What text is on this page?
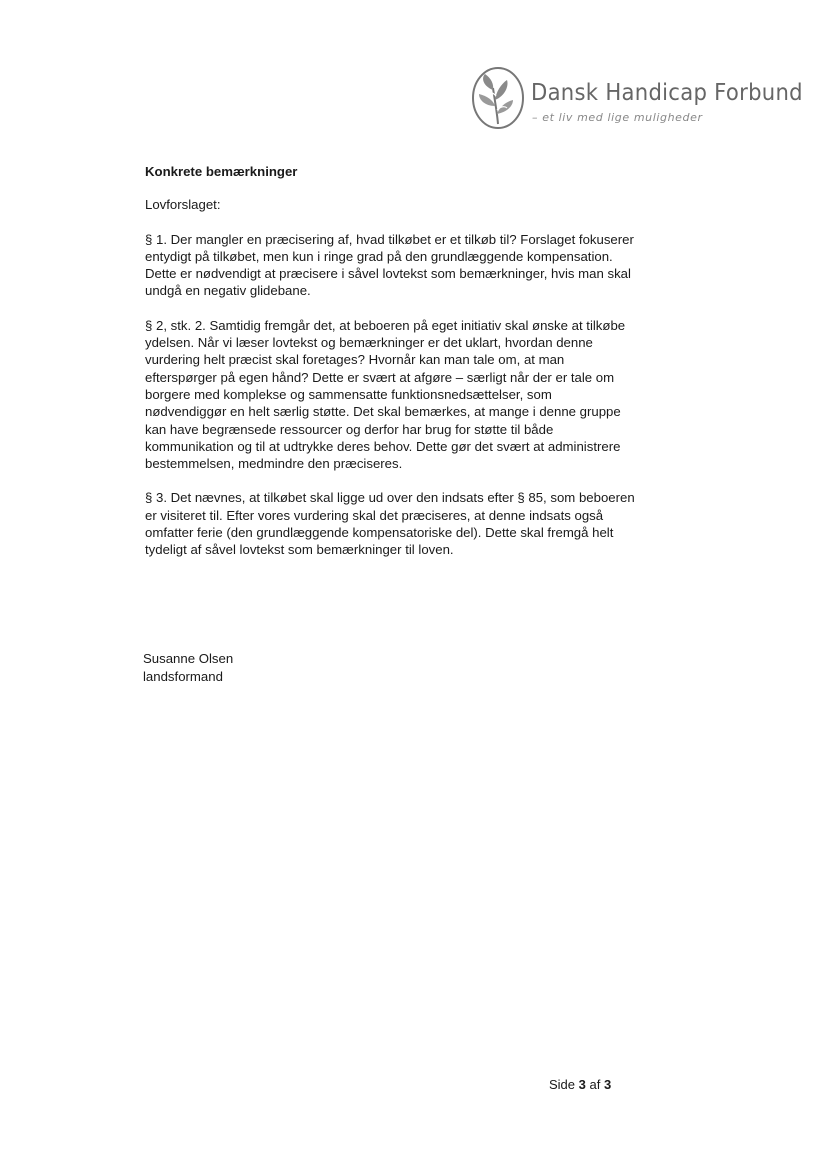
Dansk Handicap Forbund
– et liv med lige muligheder

Konkrete bemærkninger

Lovforslaget:

§ 1. Der mangler en præcisering af, hvad tilkøbet er et tilkøb til? Forslaget fokuserer entydigt på tilkøbet, men kun i ringe grad på den grundlæggende kompensation. Dette er nødvendigt at præcisere i såvel lovtekst som bemærkninger, hvis man skal undgå en negativ glidebane.

§ 2, stk. 2. Samtidig fremgår det, at beboeren på eget initiativ skal ønske at tilkøbe ydelsen. Når vi læser lovtekst og bemærkninger er det uklart, hvordan denne vurdering helt præcist skal foretages? Hvornår kan man tale om, at man efterspørger på egen hånd? Dette er svært at afgøre – særligt når der er tale om borgere med komplekse og sammensatte funktionsnedsættelser, som nødvendiggør en helt særlig støtte. Det skal bemærkes, at mange i denne gruppe kan have begrænsede ressourcer og derfor har brug for støtte til både kommunikation og til at udtrykke deres behov. Dette gør det svært at administrere bestemmelsen, medmindre den præciseres.

§ 3. Det nævnes, at tilkøbet skal ligge ud over den indsats efter § 85, som beboeren er visiteret til. Efter vores vurdering skal det præciseres, at denne indsats også omfatter ferie (den grundlæggende kompensatoriske del). Dette skal fremgå helt tydeligt af såvel lovtekst som bemærkninger til loven.

Susanne Olsen
landsformand
Side 3 af 3
